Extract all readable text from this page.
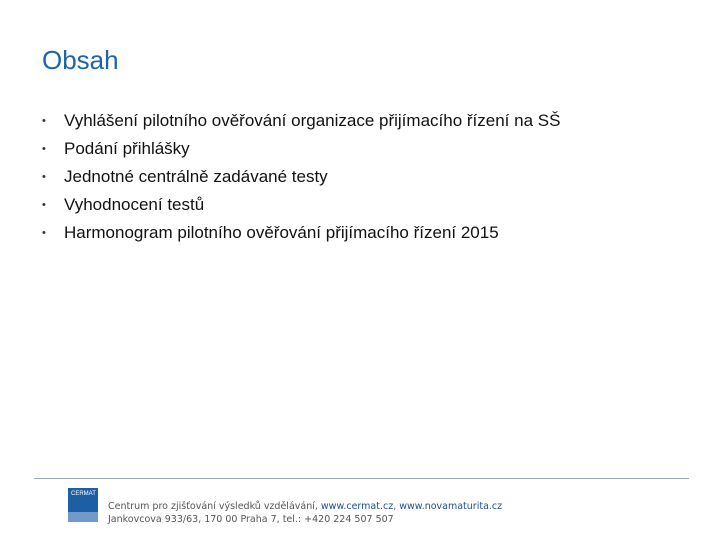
Obsah
• Vyhlášení pilotního ověřování organizace přijímacího řízení na SŠ
• Podání přihlášky
• Jednotné centrálně zadávané testy
• Vyhodnocení testů
• Harmonogram pilotního ověřování přijímacího řízení 2015
CERMAT
Centrum pro zjišťování výsledků vzdělávání, www.cermat.cz, www.novamaturita.cz
Jankovcova 933/63, 170 00 Praha 7, tel.: +420 224 507 507
